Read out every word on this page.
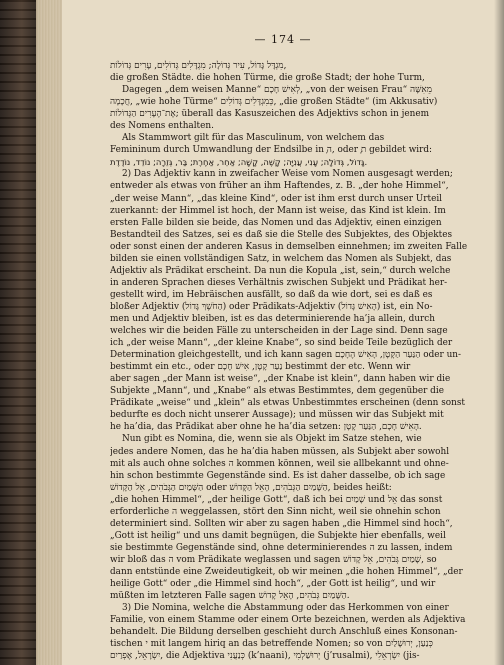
— 174 —
מִגְדָּל גָּדוֹל, עִיר גְּדוֹלָה; מִגְדָּלִים גְּדוֹלִים, עָרִים גְּדוֹלוֹת,
die großen Städte. die hohen Türme, die große Stadt; der hohe Turm,
Dagegen „dem weisen Manne“ לְאִישׁ חָכָם, „von der weisen Frau“ מֵאִשָּׁה
חֲכָמָה, „wie hohe Türme“ כְּמִגְדָּלִים גְּדוֹלִים, „die großen Städte“ (im Akkusativ)
אֶת־הֶעָרִים הַגְּדוֹלוֹת; überall das Kasuszeichen des Adjektivs schon in jenem
des Nomens enthalten.
Als Stammwort gilt für das Masculinum, von welchem das
Femininum durch Umwandlung der Endsilbe in ָה, oder ֶת gebildet wird:
גָּדוֹל, גְּדוֹלָה; עָנִי, עֲנִיָּה; קָשֶׁה, קָשָׁה; אַחֵר, אַחֶרֶת; בַּר, גְּזֵרָה; נוֹדֵד, נוֹדֶדֶת.
2) Das Adjektiv kann in zweifacher Weise vom Nomen ausgesagt werden;
entweder als etwas von früher an ihm Haftendes, z. B. „der hohe Himmel“,
„der weise Mann“, „das kleine Kind“, oder ist ihm erst durch unser Urteil
zuerkannt: der Himmel ist hoch, der Mann ist weise, das Kind ist klein. Im
ersten Falle bilden sie beide, das Nomen und das Adjektiv, einen einzigen
Bestandteil des Satzes, sei es daß sie die Stelle des Subjektes, des Objektes
oder sonst einen der anderen Kasus in demselben einnehmen; im zweiten Falle
bilden sie einen vollständigen Satz, in welchem das Nomen als Subjekt, das
Adjektiv als Prädikat erscheint. Da nun die Kopula „ist, sein,“ durch welche
in anderen Sprachen dieses Verhältnis zwischen Subjekt und Prädikat her-
gestellt wird, im Hebräischen ausfällt, so daß da wie dort, sei es daß es
bloßer Adjektiv (הַחֹשֶׁךְ גָּדוֹל) oder Prädikats-Adjektiv (הָאִישׁ גָּדוֹל) ist, ein No-
men und Adjektiv bleiben, ist es das determinierende ha’ja allein, durch
welches wir die beiden Fälle zu unterscheiden in der Lage sind. Denn sage
ich „der weise Mann“, „der kleine Knabe“, so sind beide Teile bezüglich der
Determination gleichgestellt, und ich kann sagen הַנַּעַר הַקָּטָן, הָאִישׁ הֶחָכָם oder un-
bestimmt ein etc., oder נַעַר קָטָן, אִישׁ חָכָם bestimmt der etc. Wenn wir
aber sagen „der Mann ist weise“, „der Knabe ist klein“, dann haben wir die
Subjekte „Mann“, und „Knabe“ als etwas Bestimmtes, dem gegenüber die
Prädikate „weise“ und „klein“ als etwas Unbestimmtes erscheinen (denn sonst
bedurfte es doch nicht unserer Aussage); und müssen wir das Subjekt mit
he ha’dia, das Prädikat aber ohne he ha’dia setzen: הָאִישׁ חָכָם, הַנַּעַר קָטָן.
Nun gibt es Nomina, die, wenn sie als Objekt im Satze stehen, wie
jedes andere Nomen, das he ha’dia haben müssen, als Subjekt aber sowohl
mit als auch ohne solches ה kommen können, weil sie allbekannt und ohne-
hin schon bestimmte Gegenstände sind. Es ist daher dasselbe, ob ich sage
הַשָּׁמַיִם הַגְּבֹהִים, אֵל הַקָּדוֹשׁ oder הַשָּׁמַיִם הַגְּבֹהִים, הָאֵל הַקָּדוֹשׁ, beides heißt:
„die hohen Himmel“, „der heilige Gott“, daß ich bei שָׁמַיִם und אֵל das sonst
erforderliche ה weggelassen, stört den Sinn nicht, weil sie ohnehin schon
determiniert sind. Sollten wir aber zu sagen haben „die Himmel sind hoch“,
„Gott ist heilig“ und uns damit begnügen, die Subjekte hier ebenfalls, weil
sie bestimmte Gegenstände sind, ohne determinierendes ה zu lassen, indem
wir bloß das ה vom Prädikate weglassen und sagen שָׁמַיִם גְּבֹהִים, אֵל קָדוֹשׁ, so
dann entstünde eine Zweideutigkeit, ob wir meinen „die hohen Himmel“, „der
heilige Gott“ oder „die Himmel sind hoch“, „der Gott ist heilig“, und wir
müßten im letzteren Falle sagen הַשָּׁמַיִם גְּבֹהִים, הָאֵל קָדוֹשׁ.
3) Die Nomina, welche die Abstammung oder das Herkommen von einer
Familie, von einem Stamme oder einem Orte bezeichnen, werden als Adjektiva
behandelt. Die Bildung derselben geschieht durch Anschluß eines Konsonan-
tischen י mit langem hiriq an das betreffende Nomen; so von כְּנַעַן, יְרוּשָׁלַיִם
יִשְׂרָאֵל, אֶפְרַיִם, die Adjektiva כְּנַעֲנִי (k’naani), יְרוּשַׁלְמִי (j’rusalmi), יִשְׂרְאֵלִי (jis-
